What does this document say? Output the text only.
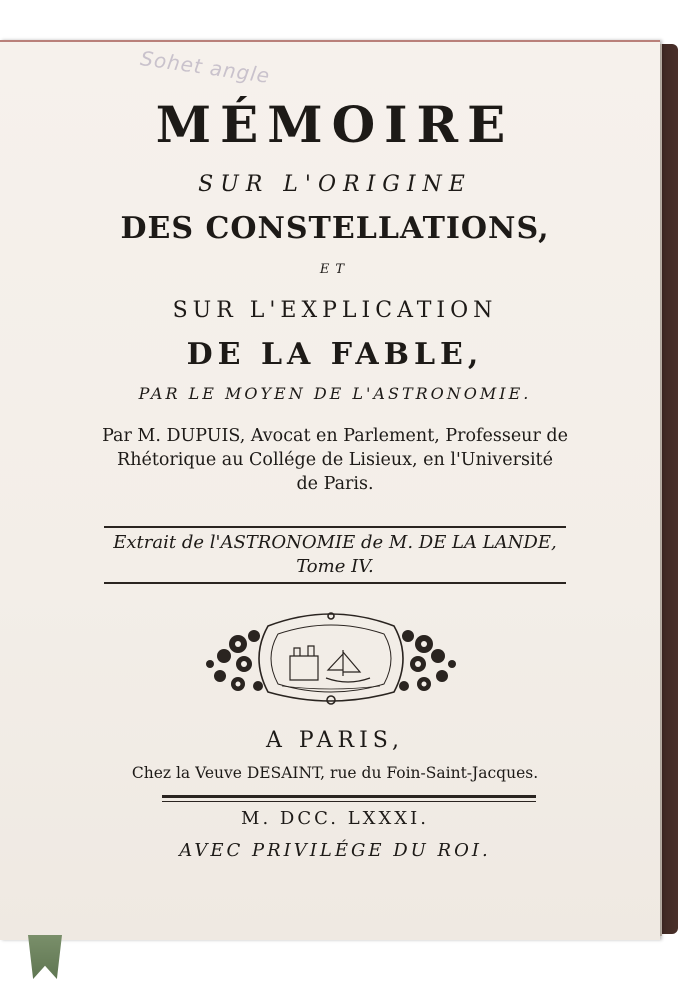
Sohet angle
MÉMOIRE
SUR L'ORIGINE
DES CONSTELLATIONS,
ET
SUR L'EXPLICATION
DE LA FABLE,
PAR LE MOYEN DE L'ASTRONOMIE.
Par M. DUPUIS, Avocat en Parlement, Professeur de
Rhétorique au Collége de Lisieux, en l'Université
de Paris.
Extrait de l'ASTRONOMIE de M. DE LA LANDE,
Tome IV.
A PARIS,
Chez la Veuve DESAINT, rue du Foin-Saint-Jacques.
M. DCC. LXXXI.
AVEC PRIVILÉGE DU ROI.
